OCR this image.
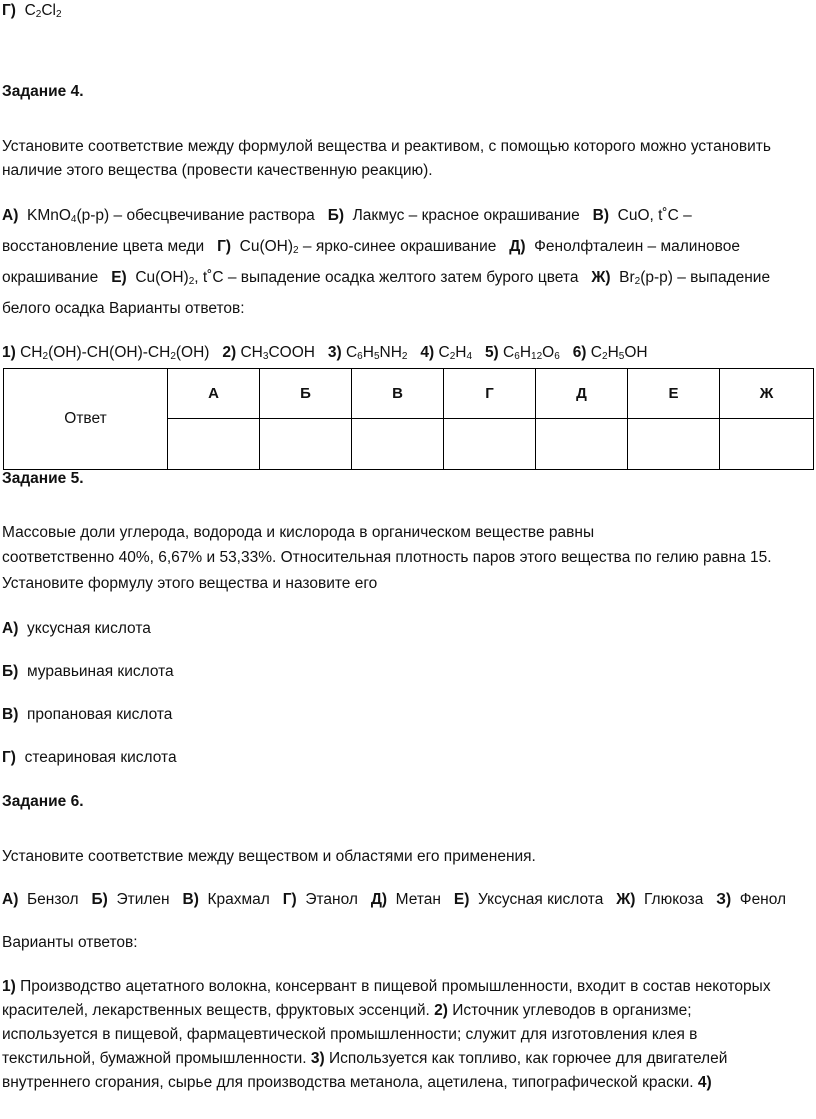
Г) $C_2Cl_2$
Задание 4.
Установите соответствие между формулой вещества и реактивом, с помощью которого можно установить
наличие этого вещества (провести качественную реакцию).
А) KMnO$_4$(р-р) – обесцвечивание раствора Б) Лакмус – красное окрашивание В) CuO, t˚C –
восстановление цвета меди Г) $Cu(OH)_2$ – ярко-синее окрашивание Д) Фенолфталеин – малиновое
окрашивание Е) $Cu(OH)_2$, t˚C – выпадение осадка желтого затем бурого цвета Ж) $Br_2(р-р)$ – выпадение
белого осадка Варианты ответов:
1) $CH_2(OH)-CH(OH)-CH_2(OH)$ 2) $CH_3COOH$ 3) $C_6H_5NH_2$ 4) $C_2H_4$ 5) $C_6H_{12}O_6$ 6) $C_2H_5OH$
Ответ	А	Б	В	Г	Д	Е	Ж

Задание 5.
Массовые доли углерода, водорода и кислорода в органическом веществе равны
соответственно 40%, 6,67% и 53,33%. Относительная плотность паров этого вещества по гелию равна 15.
Установите формулу этого вещества и назовите его
А) уксусная кислота
Б) муравьиная кислота
В) пропановая кислота
Г) стеариновая кислота
Задание 6.
Установите соответствие между веществом и областями его применения.
А) Бензол Б) Этилен В) Крахмал Г) Этанол Д) Метан Е) Уксусная кислота Ж) Глюкоза З) Фенол
Варианты ответов:
1) Производство ацетатного волокна, консервант в пищевой промышленности, входит в состав некоторых
красителей, лекарственных веществ, фруктовых эссенций. 2) Источник углеводов в организме;
используется в пищевой, фармацевтической промышленности; служит для изготовления клея в
текстильной, бумажной промышленности. 3) Используется как топливо, как горючее для двигателей
внутреннего сгорания, сырье для производства метанола, ацетилена, типографической краски. 4)
